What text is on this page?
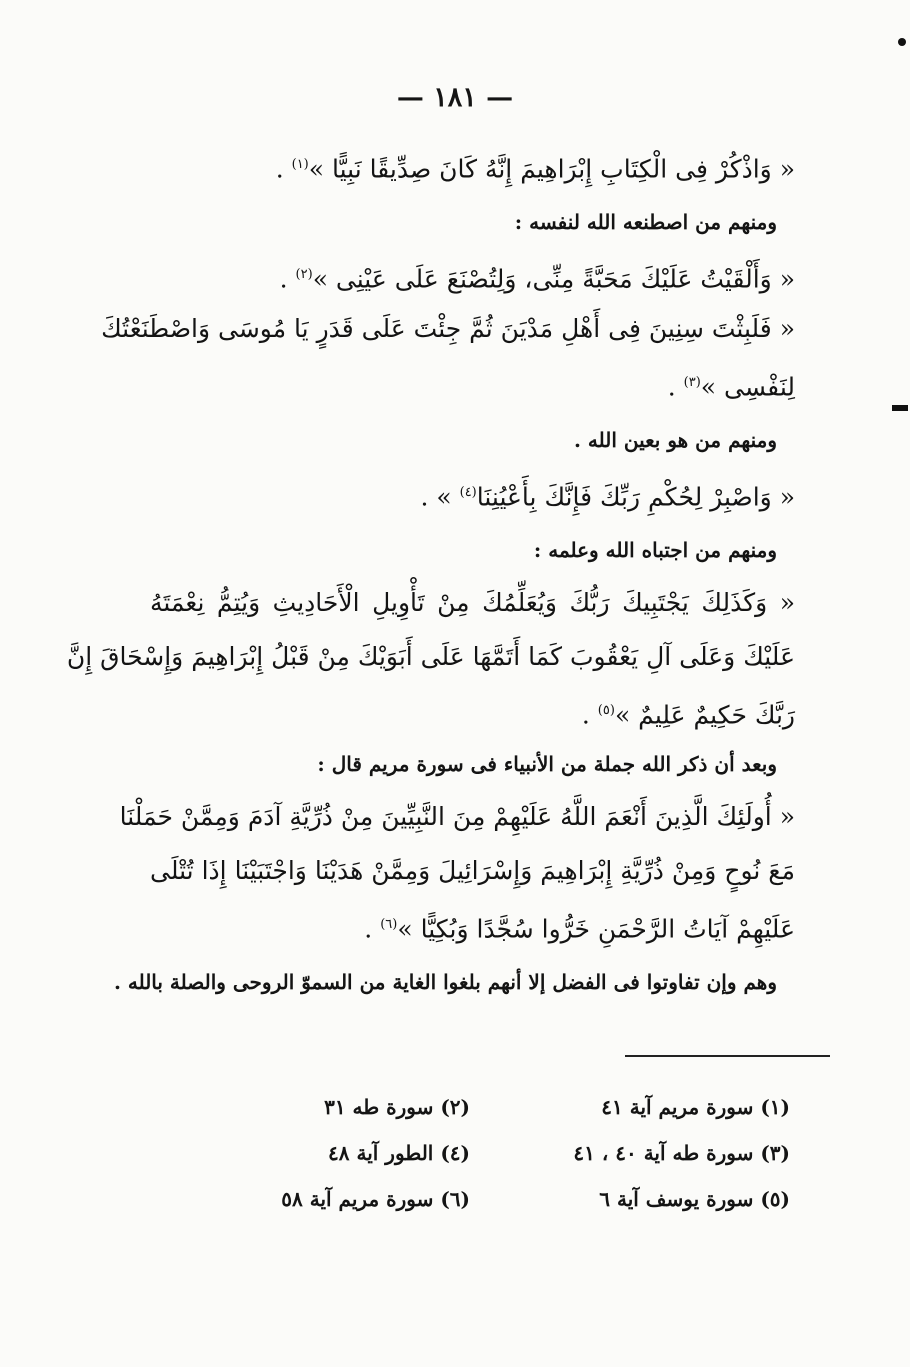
— ١٨١ —
« وَاذْكُرْ فِى الْكِتَابِ إِبْرَاهِيمَ إِنَّهُ كَانَ صِدِّيقًا نَبِيًّا »$^{(١)}$ .
ومنهم من اصطنعه الله لنفسه :
« وَأَلْقَيْتُ عَلَيْكَ مَحَبَّةً مِنِّى، وَلِتُصْنَعَ عَلَى عَيْنِى »$^{(٢)}$ .
« فَلَبِثْتَ سِنِينَ فِى أَهْلِ مَدْيَنَ ثُمَّ جِئْتَ عَلَى قَدَرٍ يَا مُوسَى وَاصْطَنَعْتُكَ
لِنَفْسِى »$^{(٣)}$ .
ومنهم من هو بعين الله .
« وَاصْبِرْ لِحُكْمِ رَبِّكَ فَإِنَّكَ بِأَعْيُنِنَا$^{(٤)}$ » .
ومنهم من اجتباه الله وعلمه :
« وَكَذَلِكَ يَجْتَبِيكَ رَبُّكَ وَيُعَلِّمُكَ مِنْ تَأْوِيلِ الْأَحَادِيثِ وَيُتِمُّ نِعْمَتَهُ
عَلَيْكَ وَعَلَى آلِ يَعْقُوبَ كَمَا أَتَمَّهَا عَلَى أَبَوَيْكَ مِنْ قَبْلُ إِبْرَاهِيمَ وَإِسْحَاقَ إِنَّ
رَبَّكَ حَكِيمٌ عَلِيمٌ »$^{(٥)}$ .
وبعد أن ذكر الله جملة من الأنبياء فى سورة مريم قال :
« أُولَئِكَ الَّذِينَ أَنْعَمَ اللَّهُ عَلَيْهِمْ مِنَ النَّبِيِّينَ مِنْ ذُرِّيَّةِ آدَمَ وَمِمَّنْ حَمَلْنَا
مَعَ نُوحٍ وَمِنْ ذُرِّيَّةِ إِبْرَاهِيمَ وَإِسْرَائِيلَ وَمِمَّنْ هَدَيْنَا وَاجْتَبَيْنَا إِذَا تُتْلَى
عَلَيْهِمْ آيَاتُ الرَّحْمَنِ خَرُّوا سُجَّدًا وَبُكِيًّا »$^{(٦)}$ .
وهم وإن تفاوتوا فى الفضل إلا أنهم بلغوا الغاية من السموّ الروحى والصلة بالله .
(١) سورة مريم آية ٤١
(٢) سورة طه ٣١
(٣) سورة طه آية ٤٠ ، ٤١
(٤) الطور آية ٤٨
(٥) سورة يوسف آية ٦
(٦) سورة مريم آية ٥٨
